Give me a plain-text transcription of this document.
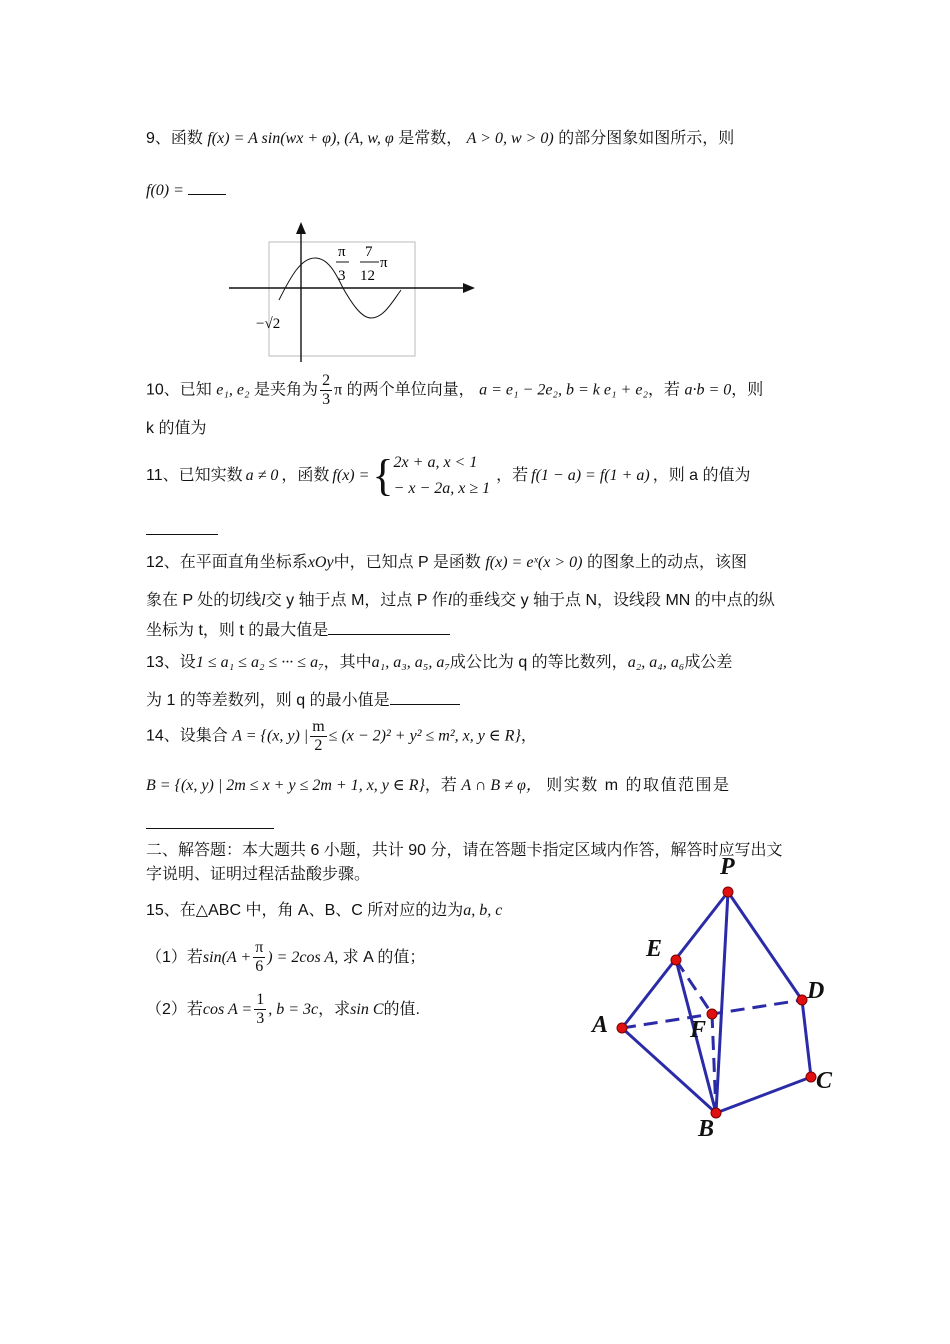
9、函数 f(x) = A sin(wx + φ), (A, w, φ 是常数， A > 0, w > 0) 的部分图象如图所示，则
f(0) =
π
3
7
12
π
−√2
10、已知 e₁, e₂ 是夹角为 $\frac{2}{3}$ π 的两个单位向量， a = e₁ − 2e₂, b = k e₁ + e₂，若 a·b = 0，则
k 的值为
11、已知实数 a ≠ 0 ，函数 f(x) = { 2x + a, x < 1
− x − 2a, x ≥ 1
，若 f(1 − a) = f(1 + a) ，则 a 的值为
12、在平面直角坐标系xOy中，已知点 P 是函数 f(x) = eˣ(x > 0) 的图象上的动点，该图
象在 P 处的切线l交 y 轴于点 M，过点 P 作l的垂线交 y 轴于点 N，设线段 MN 的中点的纵
坐标为 t，则 t 的最大值是
13、设1 ≤ a₁ ≤ a₂ ≤ ··· ≤ a₇，其中a₁, a₃, a₅, a₇成公比为 q 的等比数列，a₂, a₄, a₆成公差
为 1 的等差数列，则 q 的最小值是
14、设集合 A = {(x, y) | $\frac{m}{2} \le (x - 2)^2 + y^2 \le m^2$, x, y ∈ R}，
B = {(x, y) | 2m ≤ x + y ≤ 2m + 1, x, y ∈ R}，若 A ∩ B ≠ φ， 则实数 m 的取值范围是
二、解答题：本大题共 6 小题，共计 90 分，请在答题卡指定区域内作答，解答时应写出文
字说明、证明过程活盐酸步骤。
15、在△ABC 中，角 A、B、C 所对应的边为a, b, c
（1）若$\sin(A + \frac{\pi}{6}$ ) = 2cos A, 求 A 的值；
（2）若$\cos A = \frac{1}{3}$ , b = 3c，求sin C的值.
P
E
D
A	F
C
B
